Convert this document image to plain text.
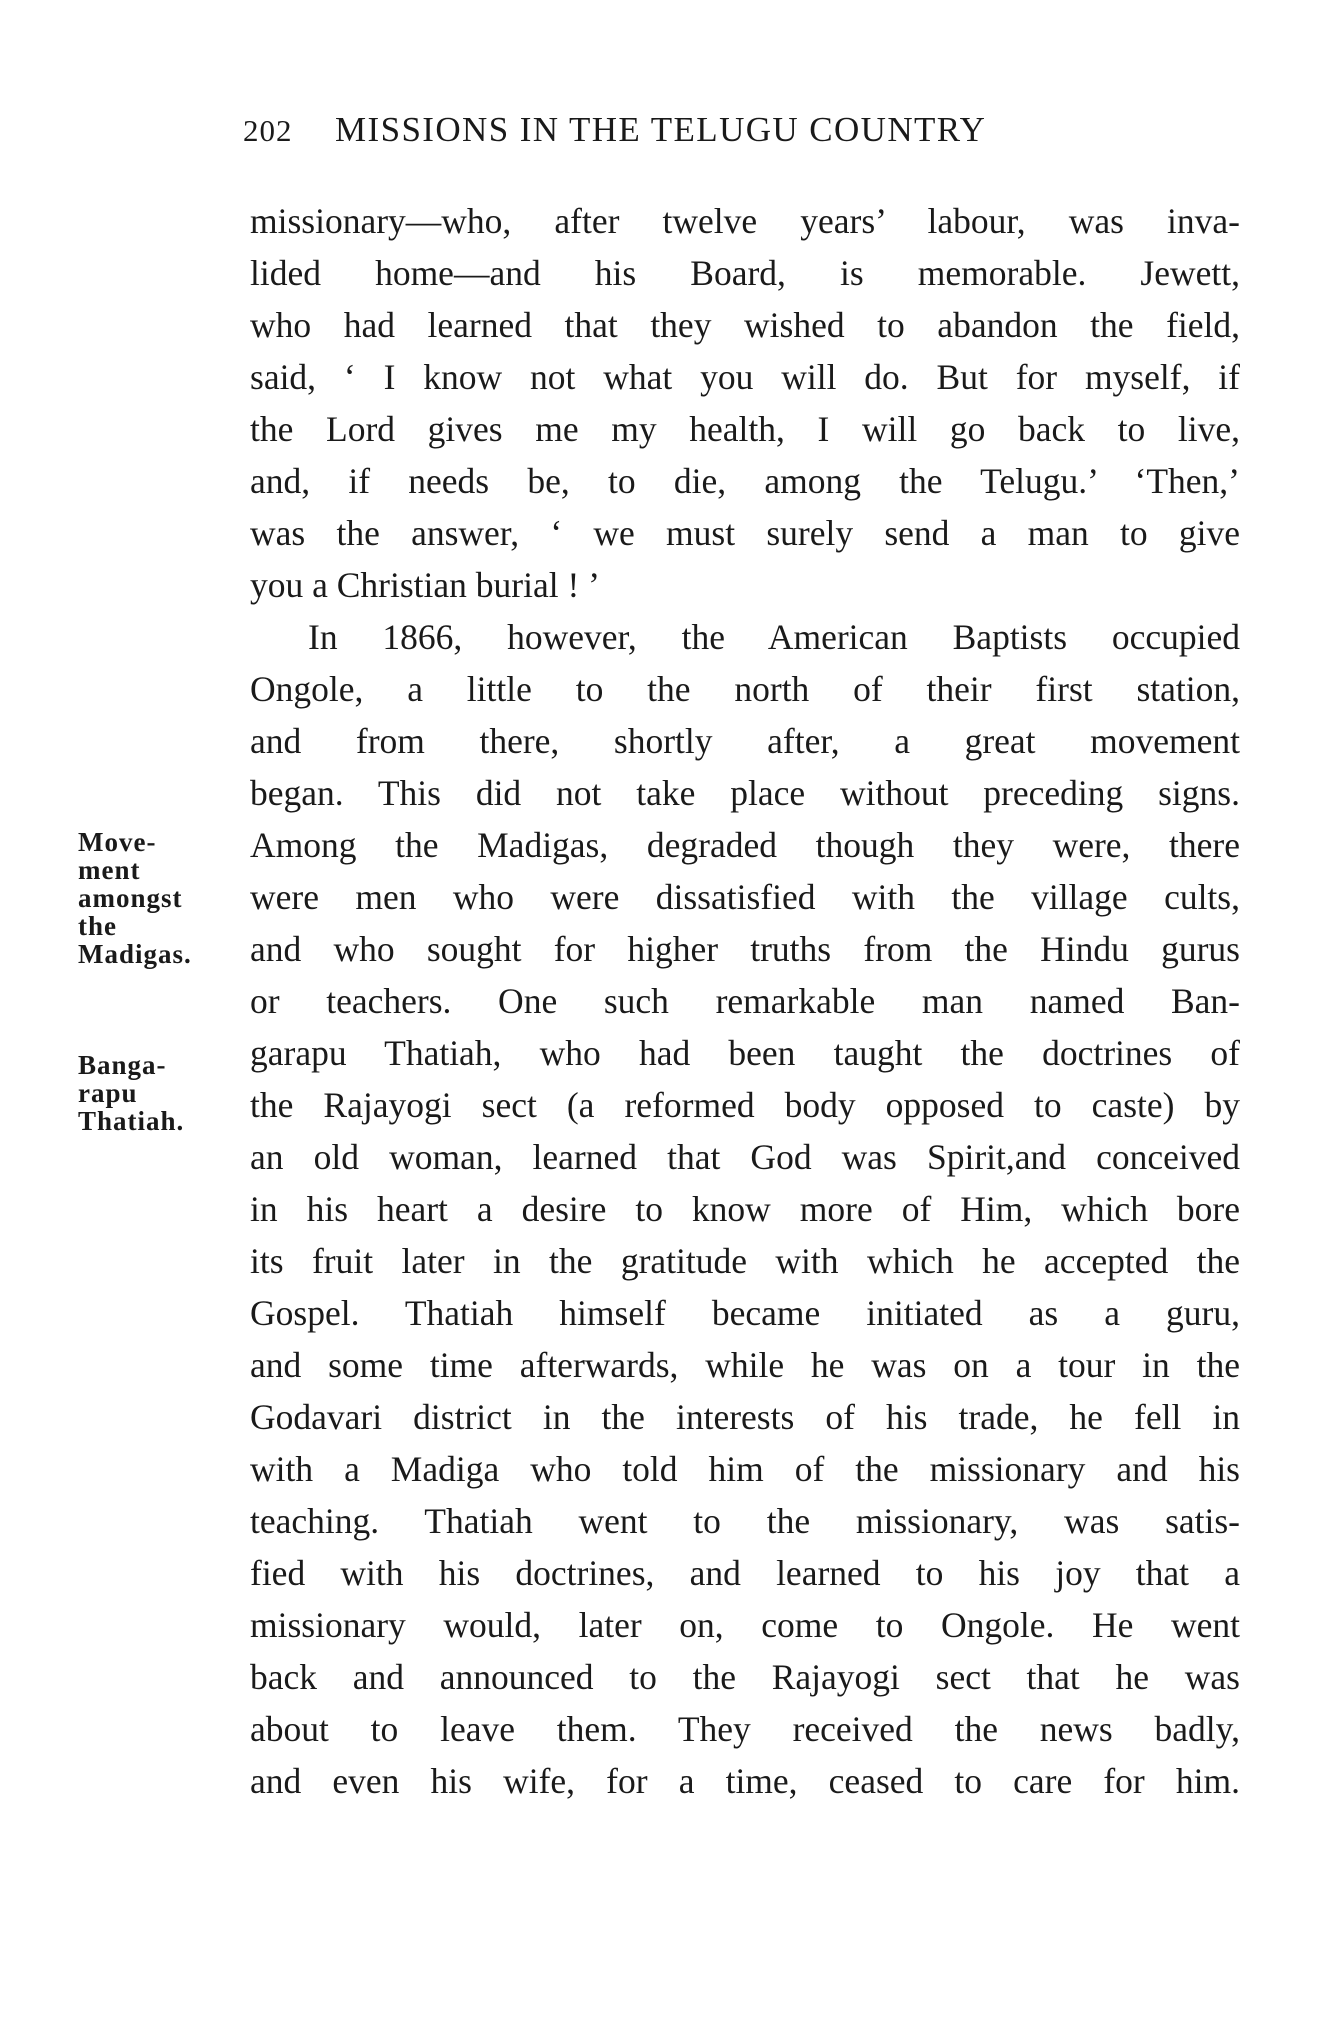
202 MISSIONS IN THE TELUGU COUNTRY
Move-
ment
amongst
the
Madigas.
Banga-
rapu
Thatiah.
missionary—who, after twelve years’ labour, was inva-
lided home—and his Board, is memorable. Jewett,
who had learned that they wished to abandon the field,
said, ‘ I know not what you will do. But for myself, if
the Lord gives me my health, I will go back to live,
and, if needs be, to die, among the Telugu.’ ‘Then,’
was the answer, ‘ we must surely send a man to give
you a Christian burial ! ’
In 1866, however, the American Baptists occupied
Ongole, a little to the north of their first station,
and from there, shortly after, a great movement
began. This did not take place without preceding signs.
Among the Madigas, degraded though they were, there
were men who were dissatisfied with the village cults,
and who sought for higher truths from the Hindu gurus
or teachers. One such remarkable man named Ban-
garapu Thatiah, who had been taught the doctrines of
the Rajayogi sect (a reformed body opposed to caste) by
an old woman, learned that God was Spirit,and conceived
in his heart a desire to know more of Him, which bore
its fruit later in the gratitude with which he accepted the
Gospel. Thatiah himself became initiated as a guru,
and some time afterwards, while he was on a tour in the
Godavari district in the interests of his trade, he fell in
with a Madiga who told him of the missionary and his
teaching. Thatiah went to the missionary, was satis-
fied with his doctrines, and learned to his joy that a
missionary would, later on, come to Ongole. He went
back and announced to the Rajayogi sect that he was
about to leave them. They received the news badly,
and even his wife, for a time, ceased to care for him.
